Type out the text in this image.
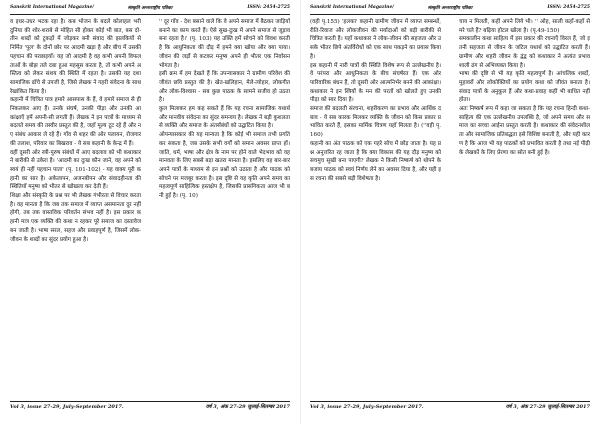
Sanskrit International Magazine/	संस्कृति अन्तरराष्ट्रीय पत्रिका	ISSN: 2454-2725

व इधर-उधर भटक रहा है। कब भोजन के बदले कोलाहल भरी दुनिया की शोर-शराबे से मोहित सी होकर कोई भी बात, बस दो-तीन शब्दों को टुकड़ों में जोड़कर बनी संवाद की झलकियों से निर्मित 'पुल' के दोनों छोर पर आदमी खड़ा है और बीच में उसकी पहचान की परछाइयाँ। यह जो आदमी है वह कभी अपनी विफलताओं के बोझ तले दबा हुआ महसूस करता है, तो कभी अपने अस्तित्व को लेकर संशय की स्थिति में रहता है। उसकी यह दशा सामाजिक ढाँचे से उपजी है, जिसे लेखक ने गहरी संवेदना के साथ रेखांकित किया है।

कहानी में चित्रित पात्र हमारे आसपास के हैं, वे हमारे समाज से ही निकलकर आए हैं। उनके संघर्ष, उनकी पीड़ा और उनकी आकांक्षाएँ हमें अपनी-सी लगती हैं। लेखक ने इन पात्रों के माध्यम से बदलते समय की तस्वीर प्रस्तुत की है, जहाँ मूल्य टूट रहे हैं और नए संबंध आकार ले रहे हैं। गाँव से शहर की ओर पलायन, रोजगार की तलाश, परिवार का बिखराव - ये सब कहानी के केन्द्र में हैं।

वहीं दूसरी ओर स्त्री-पुरुष संबंधों में आए बदलाव को भी कथाकार ने बारीकी से उकेरा है। 'आदमी का दुःख कौन जाने, वह अपने को स्वयं ही नहीं पहचान पाता' (पृ. 101-102) - यह वाक्य पूरी कहानी का सार है। अकेलापन, अजनबीपन और संवादहीनता की स्थितियाँ मनुष्य को भीतर से खोखला कर देती हैं।

शिक्षा और संस्कृति के प्रश्न पर भी लेखक गंभीरता से विचार करता है। वह मानता है कि जब तक समाज में व्याप्त असमानता दूर नहीं होगी, तब तक वास्तविक परिवर्तन संभव नहीं है। इस प्रकार कहानी मात्र एक व्यक्ति की कथा न रहकर पूरे समाज का दस्तावेज बन जाती है। भाषा सरल, सहज और प्रवाहपूर्ण है, जिसमें लोक-जीवन के शब्दों का सुंदर प्रयोग हुआ है।

'' दूर गाँव - देश बसाने वाले कि वे अपने समाज में बैठकर जाड़ियाँ बनाने का काम करते हैं। ऐसे सुख-दुःख में अपने समाज से जुड़ाव बना रहता है।' (पृ. 103) यह उक्ति हमें सोचने को विवश करती है कि आधुनिकता की दौड़ में हमने क्या खोया और क्या पाया। जीवन की जड़ों से कटकर मनुष्य अपने ही भीतर एक निर्वासन भोगता है।

इसी क्रम में हम देखते हैं कि उपन्यासकार ने ग्रामीण परिवेश की जीवंत छवि प्रस्तुत की है। खेत-खलिहान, मेले-त्योहार, लोकगीत और लोक-विश्वास - सब कुछ पाठक के सामने सजीव हो उठता है।

कुल मिलाकर हम कह सकते हैं कि यह रचना सामाजिक यथार्थ और मानवीय संवेदना का सुंदर समन्वय है। लेखक ने बड़ी कुशलता से व्यक्ति और समाज के अंतर्संबंधों को उद्घाटित किया है।

ओपन्यासकार की यह मान्यता है कि कोई भी समाज तभी प्रगति कर सकता है, जब उसके सभी वर्गों को समान अवसर प्राप्त हों। जाति, धर्म, भाषा और क्षेत्र के नाम पर होने वाले भेदभाव को वह मानवता के लिए सबसे बड़ा खतरा मानता है। इसलिए वह बार-बार अपने पात्रों के माध्यम से इन प्रश्नों को उठाता है और पाठक को सोचने पर मजबूर करता है। इस दृष्टि से यह कृति अपने समय का महत्वपूर्ण साहित्यिक हस्तक्षेप है, जिसकी प्रासंगिकता आज भी बनी हुई है। (पृ. 10)

Vol 3, issue 27-29, July-September 2017.	वर्ष 3, अंक 27-29 जुलाई-सितम्बर 2017
Sanskrit International Magazine/	संस्कृति अन्तरराष्ट्रीय पत्रिका	ISSN: 2454-2725

(वही पृ.155) 'हलका' कहानी ग्रामीण जीवन में व्याप्त सम्बन्धों, रीति-रिवाज और लोकजीवन की मर्यादाओं को बड़ी बारीकी से चित्रित करती है। यहाँ कथाकार ने लोक-जीवन की सहजता और उसके भीतर छिपे अंतर्विरोधों को एक साथ पकड़ने का प्रयास किया है।

इस कहानी में नारी पात्रों की स्थिति विशेष रूप से उल्लेखनीय है। वे परंपरा और आधुनिकता के बीच संघर्षरत हैं। एक ओर पारिवारिक बंधन हैं, तो दूसरी ओर आत्मनिर्भर बनने की आकांक्षा। कथाकार ने इन स्त्रियों के मन की परतों को खोलते हुए उनकी पीड़ा को स्वर दिया है।

समाज की बदलती संरचना, शहरीकरण का प्रभाव और आर्थिक दबाव - ये सब कारक मिलकर व्यक्ति के जीवन को किस प्रकार प्रभावित करते हैं, इसका मार्मिक चित्रण यहाँ मिलता है। (''वही पृ. 160)

कहानी का अंत पाठक को एक गहरे सोच में छोड़ जाता है। यह प्रश्न अनुत्तरित रह जाता है कि क्या विकास की यह दौड़ मनुष्य को सचमुच सुखी बना पाएगी? लेखक ने किसी निष्कर्ष को थोपने के बजाय पाठक को स्वयं निर्णय लेने का अवसर दिया है, और यही इस रचना की सबसे बड़ी विशेषता है।

चाय न मिलती, कहीं अपने लिये भी। '' ओह, साली कहाँ-कहाँ से मरे चले हैं? बढ़िया होटल खोला है। (पृ.49-150)

समकालीन कथा साहित्य में इस प्रकार की रचनाएँ विरल हैं, जो इतनी सहजता से जीवन के जटिल यथार्थ को उद्घाटित करती हैं। ग्रामीण और शहरी जीवन के द्वंद्व को कथाकार ने अत्यंत प्रभावशाली ढंग से अभिव्यक्त किया है।

भाषा की दृष्टि से भी यह कृति महत्वपूर्ण है। आंचलिक शब्दों, मुहावरों और लोकोक्तियों का प्रयोग कथा को जीवंत बनाता है। संवाद पात्रों के अनुकूल हैं और कथा-प्रवाह कहीं भी बाधित नहीं होता।

अतः निष्कर्ष रूप में कहा जा सकता है कि यह रचना हिन्दी कथा-साहित्य की एक उल्लेखनीय उपलब्धि है, जो अपने समय और समाज का सच्चा आईना प्रस्तुत करती है। कथाकार की संवेदनशीलता और सामाजिक प्रतिबद्धता इसे विशिष्ट बनाती है, और यही कारण है कि आज भी यह पाठकों को प्रभावित करती है तथा नई पीढ़ी के लेखकों के लिए प्रेरणा का स्रोत बनी हुई है।

Vol 3, issue 27-29, July-September 2017.	वर्ष 3, अंक 27-29 जुलाई-सितम्बर 2017
